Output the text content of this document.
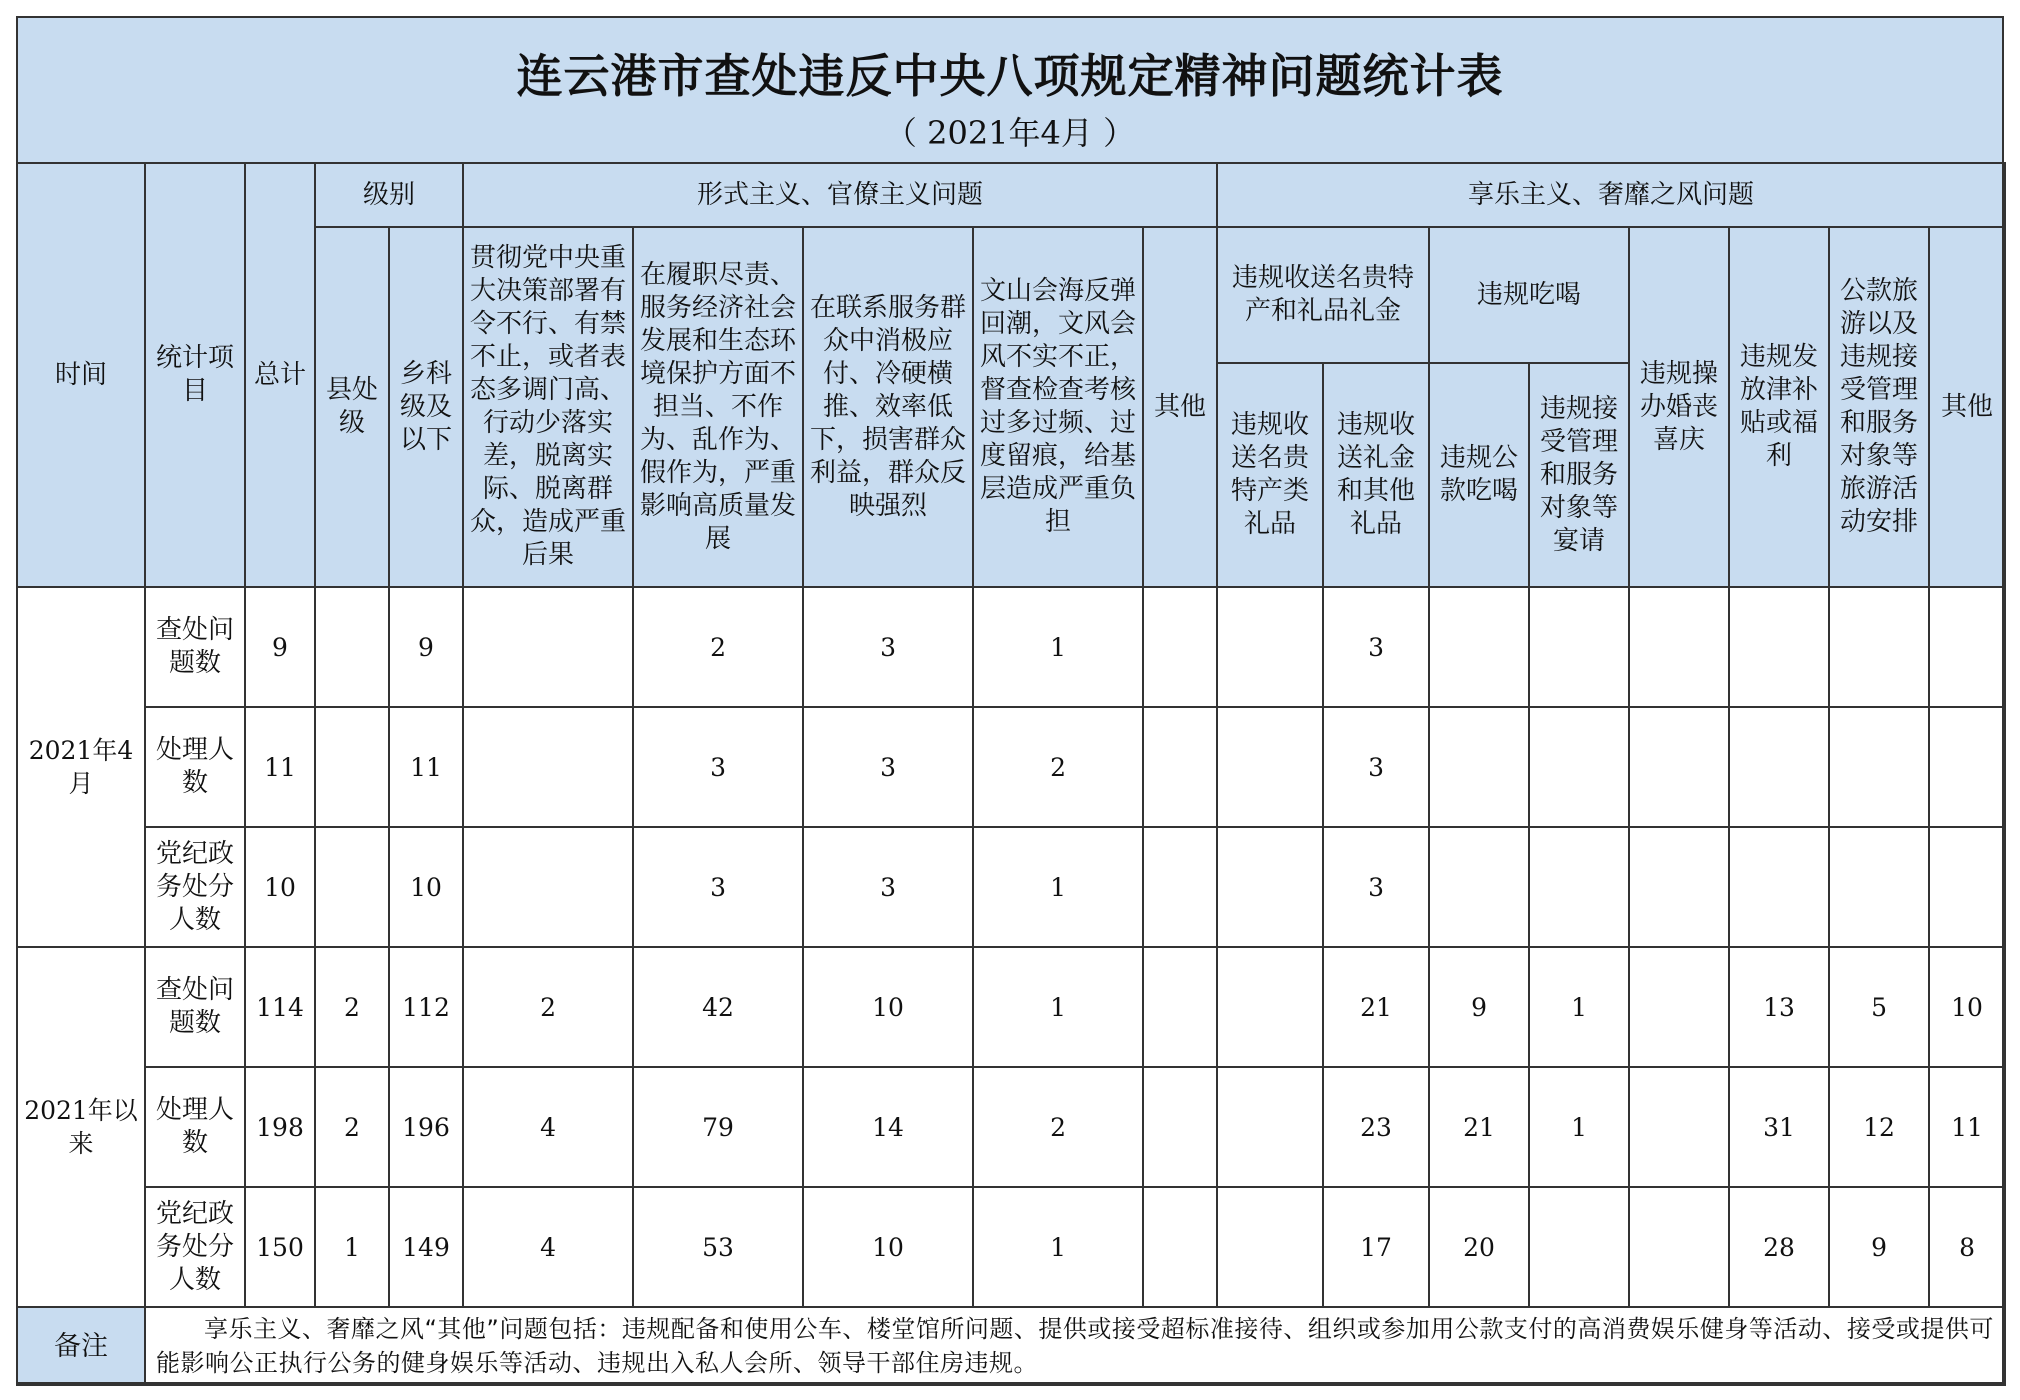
连云港市查处违反中央八项规定精神问题统计表
（ 2021年4月 ）
时间	统计项目	总计	级别		形式主义、官僚主义问题					享乐主义、奢靡之风问题							
			县处级	乡科级及以下	贯彻党中央重大决策部署有令不行、有禁不止，或者表态多调门高、行动少落实差，脱离实际、脱离群众，造成严重后果	在履职尽责、服务经济社会发展和生态环境保护方面不担当、不作为、乱作为、假作为，严重影响高质量发展	在联系服务群众中消极应付、冷硬横推、效率低下，损害群众利益，群众反映强烈	文山会海反弹回潮，文风会风不实不正，督查检查考核过多过频、过度留痕，给基层造成严重负担	其他	违规收送名贵特产和礼品礼金		违规吃喝		违规操办婚丧喜庆	违规发放津补贴或福利	公款旅游以及违规接受管理和服务对象等旅游活动安排	其他
										违规收送名贵特产类礼品	违规收送礼金和其他礼品	违规公款吃喝	违规接受管理和服务对象等宴请				
2021年4月	查处问题数	9		9		2	3	1			3						
	处理人数	11		11		3	3	2			3						
	党纪政务处分人数	10		10		3	3	1			3						
2021年以来	查处问题数	114	2	112	2	42	10	1			21	9	1		13	5	10
	处理人数	198	2	196	4	79	14	2			23	21	1		31	12	11
	党纪政务处分人数	150	1	149	4	53	10	1			17	20			28	9	8
备注	享乐主义、奢靡之风“其他”问题包括：违规配备和使用公车、楼堂馆所问题、提供或接受超标准接待、组织或参加用公款支付的高消费娱乐健身等活动、接受或提供可能影响公正执行公务的健身娱乐等活动、违规出入私人会所、领导干部住房违规。																
